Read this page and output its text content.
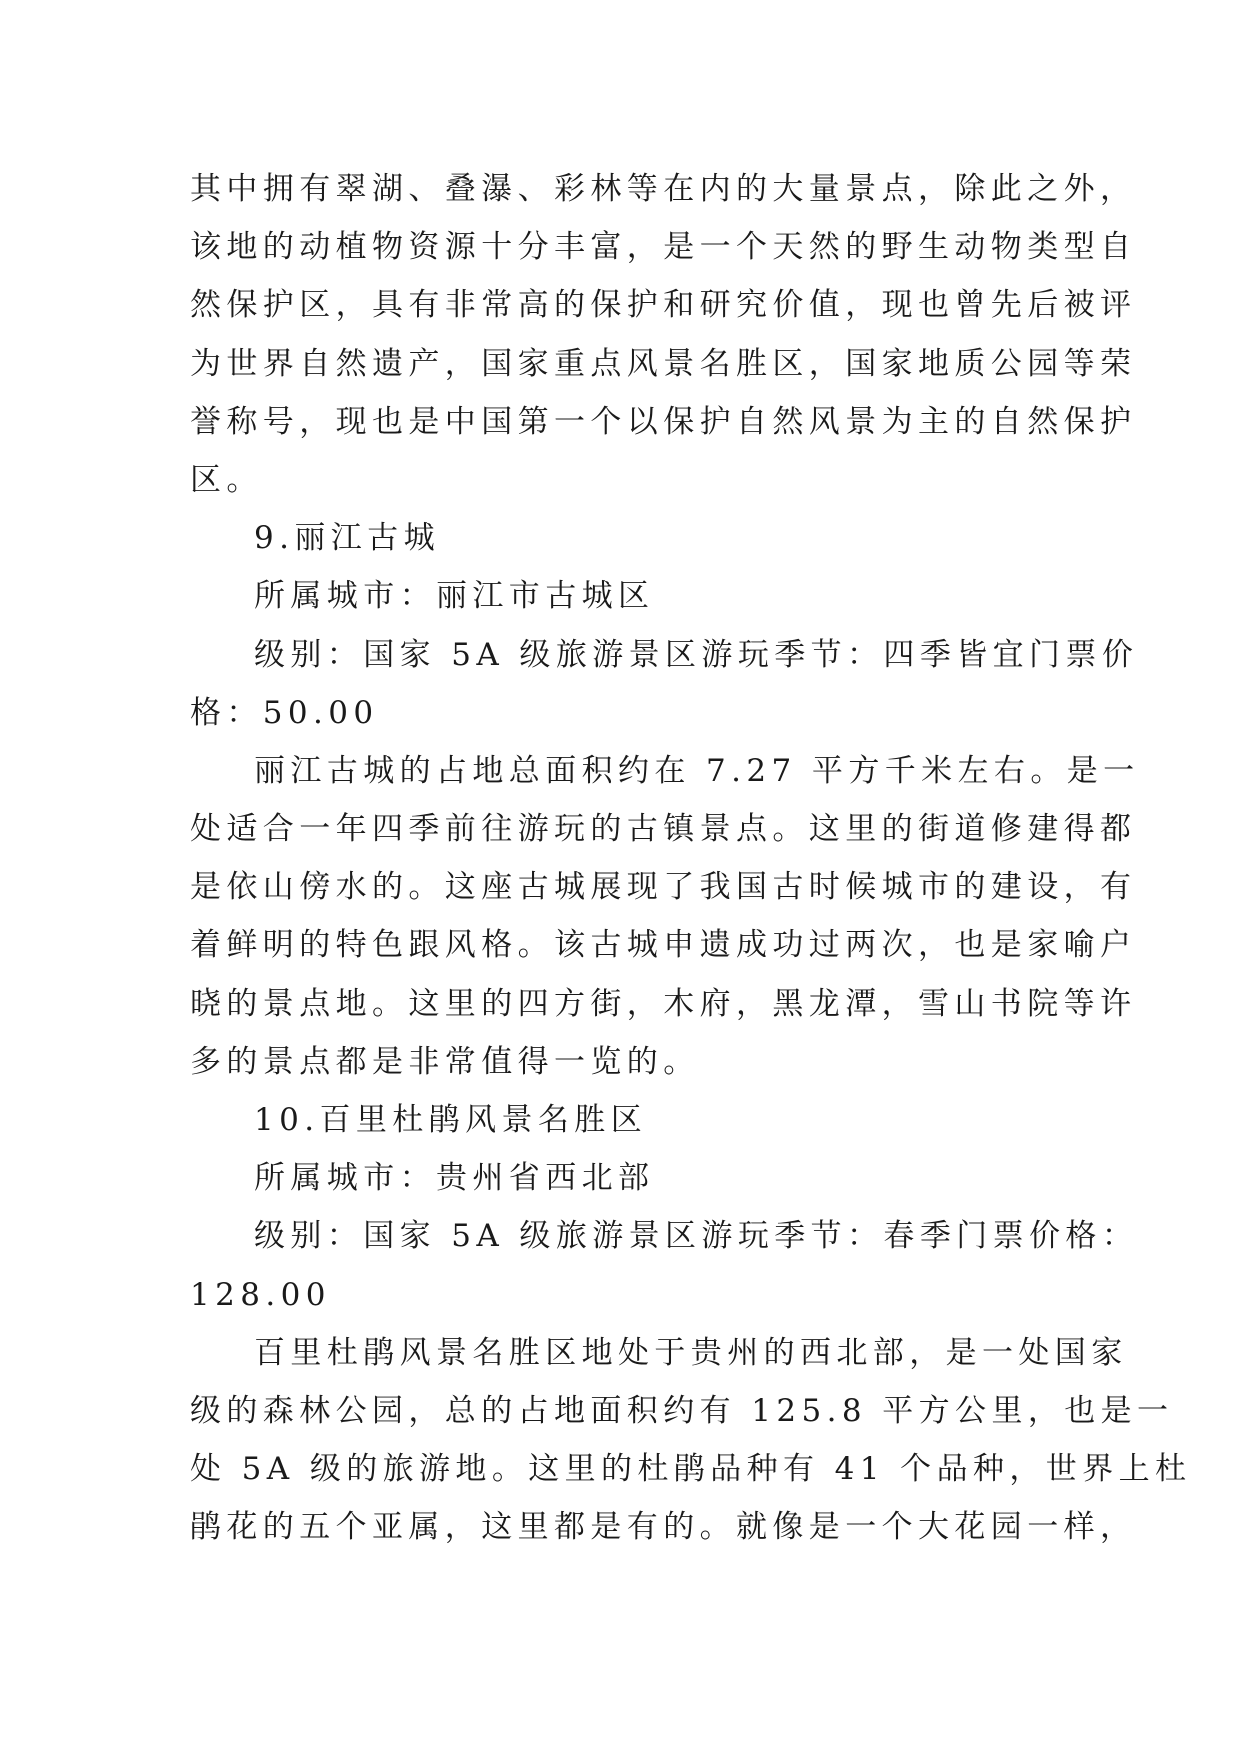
其中拥有翠湖、叠瀑、彩林等在内的大量景点，除此之外，
该地的动植物资源十分丰富，是一个天然的野生动物类型自
然保护区，具有非常高的保护和研究价值，现也曾先后被评
为世界自然遗产，国家重点风景名胜区，国家地质公园等荣
誉称号，现也是中国第一个以保护自然风景为主的自然保护
区。
9.丽江古城
所属城市：丽江市古城区
级别：国家 5A 级旅游景区游玩季节：四季皆宜门票价
格：50.00
丽江古城的占地总面积约在 7.27 平方千米左右。是一
处适合一年四季前往游玩的古镇景点。这里的街道修建得都
是依山傍水的。这座古城展现了我国古时候城市的建设，有
着鲜明的特色跟风格。该古城申遗成功过两次，也是家喻户
晓的景点地。这里的四方街，木府，黑龙潭，雪山书院等许
多的景点都是非常值得一览的。
10.百里杜鹃风景名胜区
所属城市：贵州省西北部
级别：国家 5A 级旅游景区游玩季节：春季门票价格：
128.00
百里杜鹃风景名胜区地处于贵州的西北部，是一处国家
级的森林公园，总的占地面积约有 125.8 平方公里，也是一
处 5A 级的旅游地。这里的杜鹃品种有 41 个品种，世界上杜
鹃花的五个亚属，这里都是有的。就像是一个大花园一样，
